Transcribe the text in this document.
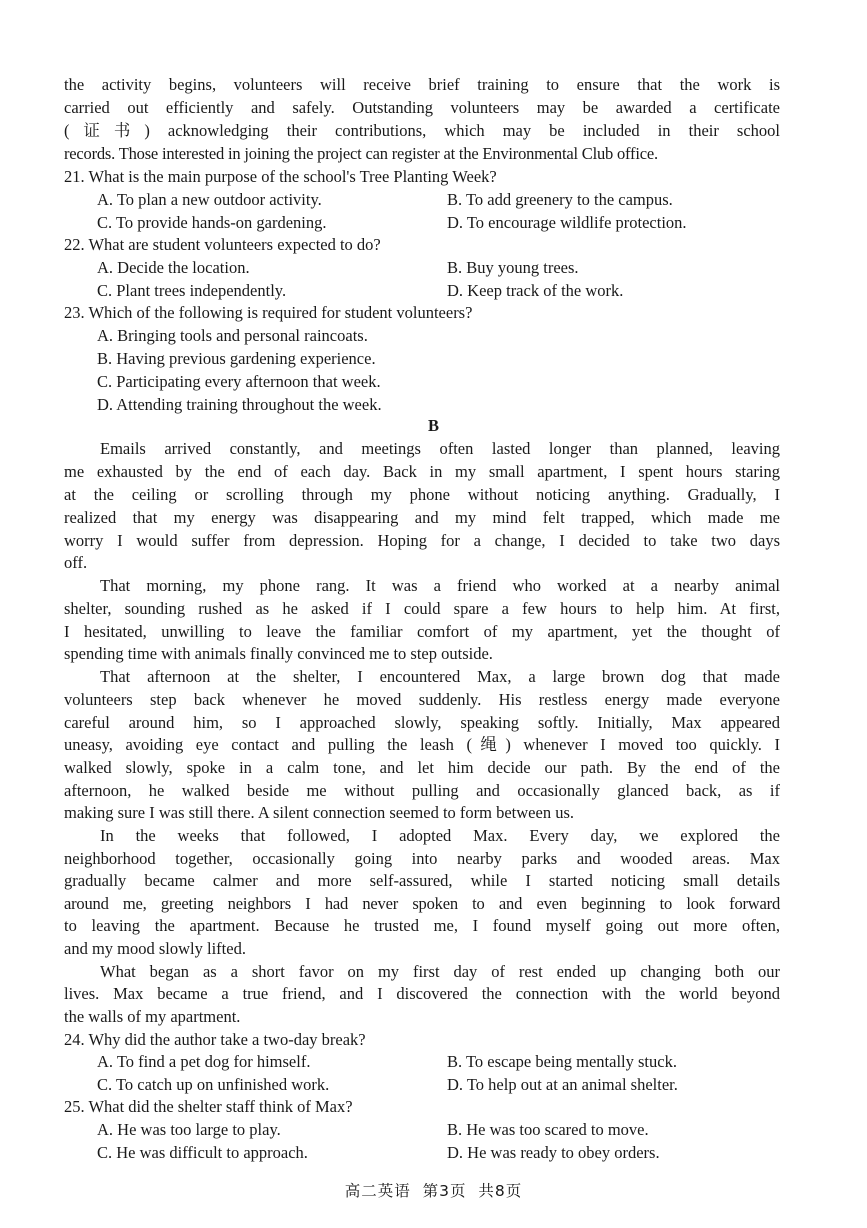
the activity begins, volunteers will receive brief training to ensure that the work is
carried out efficiently and safely. Outstanding volunteers may be awarded a certificate
(证书) acknowledging their contributions, which may be included in their school
records. Those interested in joining the project can register at the Environmental Club office.
21. What is the main purpose of the school's Tree Planting Week?
A. To plan a new outdoor activity.	B. To add greenery to the campus.
C. To provide hands-on gardening.	D. To encourage wildlife protection.
22. What are student volunteers expected to do?
A. Decide the location.	B. Buy young trees.
C. Plant trees independently.	D. Keep track of the work.
23. Which of the following is required for student volunteers?
A. Bringing tools and personal raincoats.
B. Having previous gardening experience.
C. Participating every afternoon that week.
D. Attending training throughout the week.
B
Emails arrived constantly, and meetings often lasted longer than planned, leaving
me exhausted by the end of each day. Back in my small apartment, I spent hours staring
at the ceiling or scrolling through my phone without noticing anything. Gradually, I
realized that my energy was disappearing and my mind felt trapped, which made me
worry I would suffer from depression. Hoping for a change, I decided to take two days
off.
That morning, my phone rang. It was a friend who worked at a nearby animal
shelter, sounding rushed as he asked if I could spare a few hours to help him. At first,
I hesitated, unwilling to leave the familiar comfort of my apartment, yet the thought of
spending time with animals finally convinced me to step outside.
That afternoon at the shelter, I encountered Max, a large brown dog that made
volunteers step back whenever he moved suddenly. His restless energy made everyone
careful around him, so I approached slowly, speaking softly. Initially, Max appeared
uneasy, avoiding eye contact and pulling the leash (绳) whenever I moved too quickly. I
walked slowly, spoke in a calm tone, and let him decide our path. By the end of the
afternoon, he walked beside me without pulling and occasionally glanced back, as if
making sure I was still there. A silent connection seemed to form between us.
In the weeks that followed, I adopted Max. Every day, we explored the
neighborhood together, occasionally going into nearby parks and wooded areas. Max
gradually became calmer and more self-assured, while I started noticing small details
around me, greeting neighbors I had never spoken to and even beginning to look forward
to leaving the apartment. Because he trusted me, I found myself going out more often,
and my mood slowly lifted.
What began as a short favor on my first day of rest ended up changing both our
lives. Max became a true friend, and I discovered the connection with the world beyond
the walls of my apartment.
24. Why did the author take a two-day break?
A. To find a pet dog for himself.	B. To escape being mentally stuck.
C. To catch up on unfinished work.	D. To help out at an animal shelter.
25. What did the shelter staff think of Max?
A. He was too large to play.	B. He was too scared to move.
C. He was difficult to approach.	D. He was ready to obey orders.
高二英语  第3页  共8页
